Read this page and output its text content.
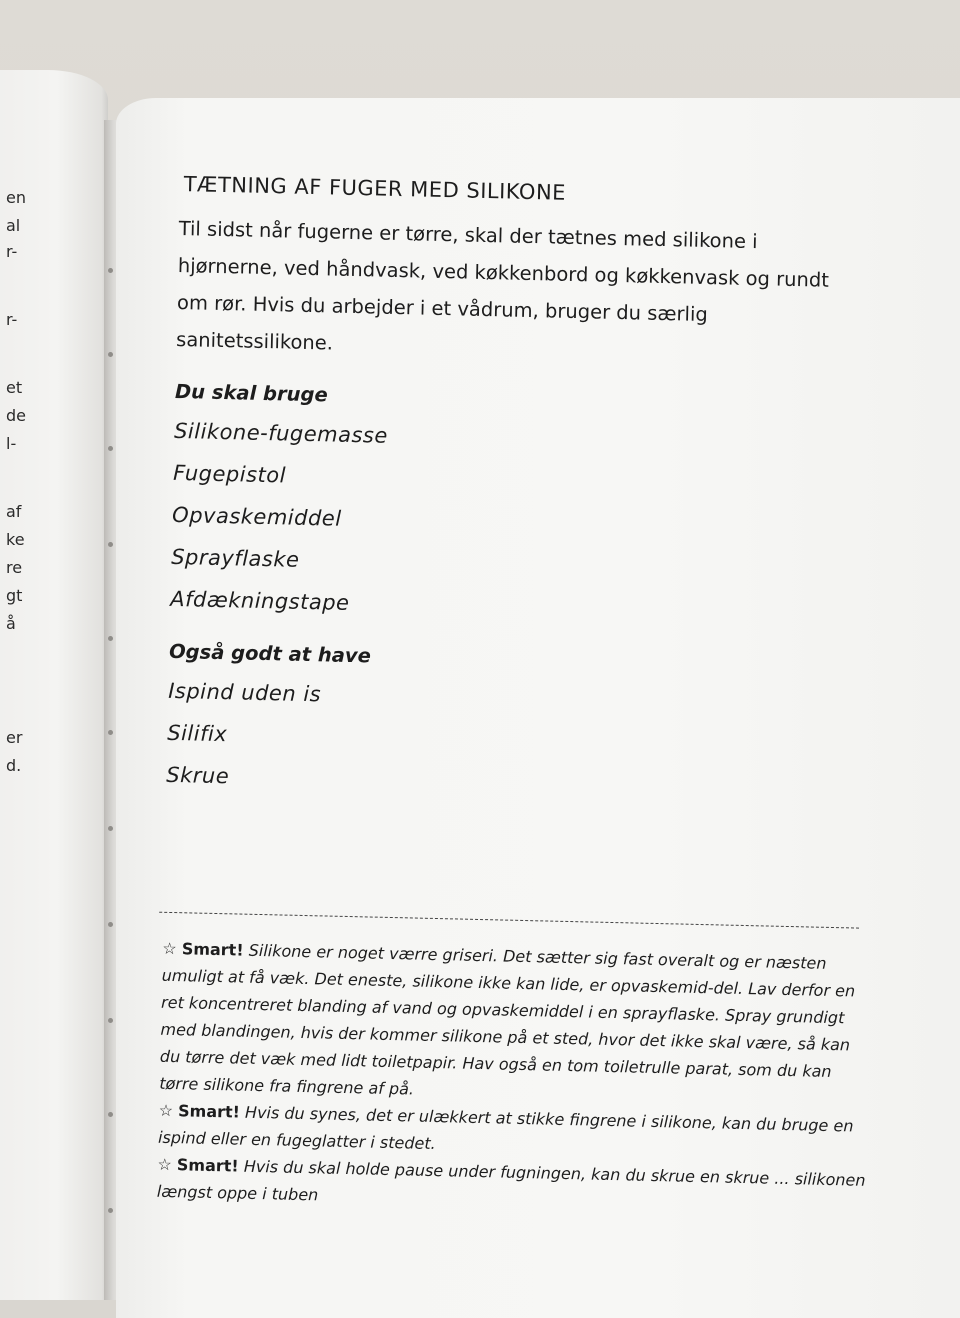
en
al
r-
r-
et
de
l-
af
ke
re
gt
å
er
d.
TÆTNING AF FUGER MED SILIKONE

Til sidst når fugerne er tørre, skal der tætnes med silikone i hjørnerne, ved håndvask, ved køkkenbord og køkkenvask og rundt om rør. Hvis du arbejder i et vådrum, bruger du særlig sanitetssilikone.

Du skal bruge

Silikone-fugemasse
Fugepistol
Opvaskemiddel
Sprayflaske
Afdækningstape

Også godt at have

Ispind uden is
Silifix
Skrue

☆ Smart! Silikone er noget værre griseri. Det sætter sig fast overalt og er næsten umuligt at få væk. Det eneste, silikone ikke kan lide, er opvaskemid-del. Lav derfor en ret koncentreret blanding af vand og opvaskemiddel i en sprayflaske. Spray grundigt med blandingen, hvis der kommer silikone på et sted, hvor det ikke skal være, så kan du tørre det væk med lidt toiletpapir. Hav også en tom toiletrulle parat, som du kan tørre silikone fra fingrene af på.

☆ Smart! Hvis du synes, det er ulækkert at stikke fingrene i silikone, kan du bruge en ispind eller en fugeglatter i stedet.

☆ Smart! Hvis du skal holde pause under fugningen, kan du skrue en skrue ... silikonen længst oppe i tuben
